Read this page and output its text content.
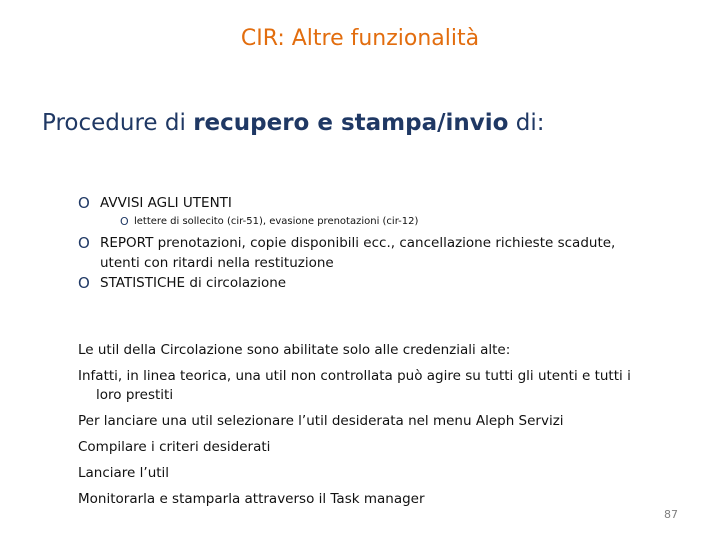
CIR: Altre funzionalità
Procedure di recupero e stampa/invio di:
O AVVISI AGLI UTENTI
O lettere di sollecito (cir-51), evasione prenotazioni (cir-12)
O REPORT prenotazioni, copie disponibili ecc., cancellazione richieste scadute, utenti con ritardi nella restituzione
O STATISTICHE di circolazione
Le util della Circolazione sono abilitate solo alle credenziali alte:
Infatti, in linea teorica, una util non controllata può agire su tutti gli utenti e tutti i loro prestiti
Per lanciare una util selezionare l’util desiderata nel menu Aleph Servizi
Compilare i criteri desiderati
Lanciare l’util
Monitorarla e stamparla attraverso il Task manager
87
